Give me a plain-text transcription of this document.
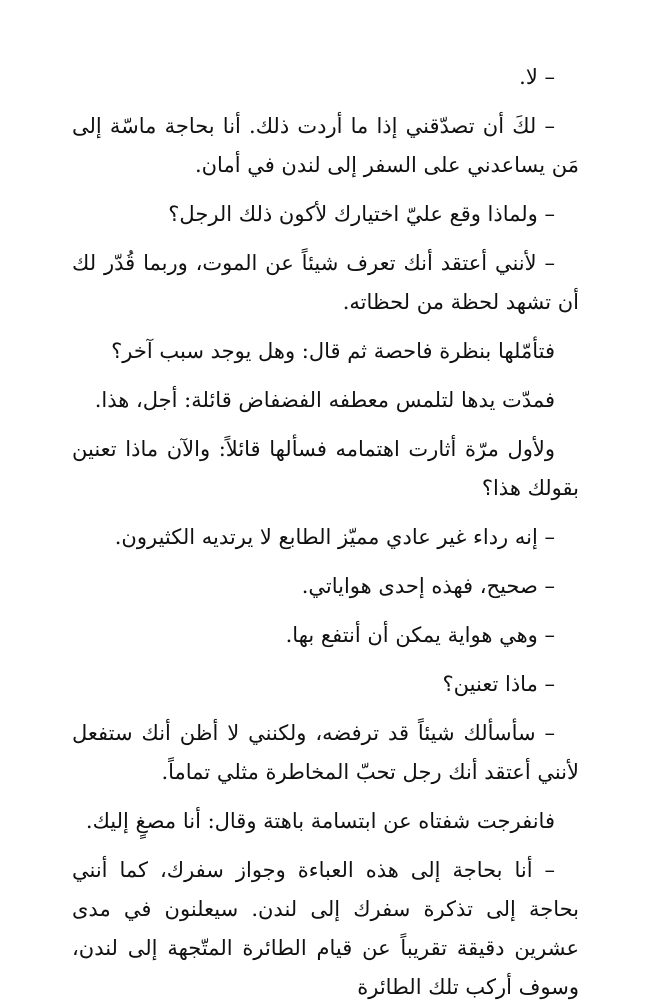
– لا.

– لكَ أن تصدّقني إذا ما أردت ذلك. أنا بحاجة ماسّة إلى مَن يساعدني على السفر إلى لندن في أمان.

– ولماذا وقع عليّ اختيارك لأكون ذلك الرجل؟

– لأنني أعتقد أنك تعرف شيئاً عن الموت، وربما قُدّر لك أن تشهد لحظة من لحظاته.

فتأمّلها بنظرة فاحصة ثم قال: وهل يوجد سبب آخر؟

فمدّت يدها لتلمس معطفه الفضفاض قائلة: أجل، هذا.

ولأول مرّة أثارت اهتمامه فسألها قائلاً: والآن ماذا تعنين بقولك هذا؟

– إنه رداء غير عادي مميّز الطابع لا يرتديه الكثيرون.

– صحيح، فهذه إحدى هواياتي.

– وهي هواية يمكن أن أنتفع بها.

– ماذا تعنين؟

– سأسألك شيئاً قد ترفضه، ولكنني لا أظن أنك ستفعل لأنني أعتقد أنك رجل تحبّ المخاطرة مثلي تماماً.

فانفرجت شفتاه عن ابتسامة باهتة وقال: أنا مصغٍ إليك.

– أنا بحاجة إلى هذه العباءة وجواز سفرك، كما أنني بحاجة إلى تذكرة سفرك إلى لندن. سيعلنون في مدى عشرين دقيقة تقريباً عن قيام الطائرة المتّجهة إلى لندن، وسوف أركب تلك الطائرة
